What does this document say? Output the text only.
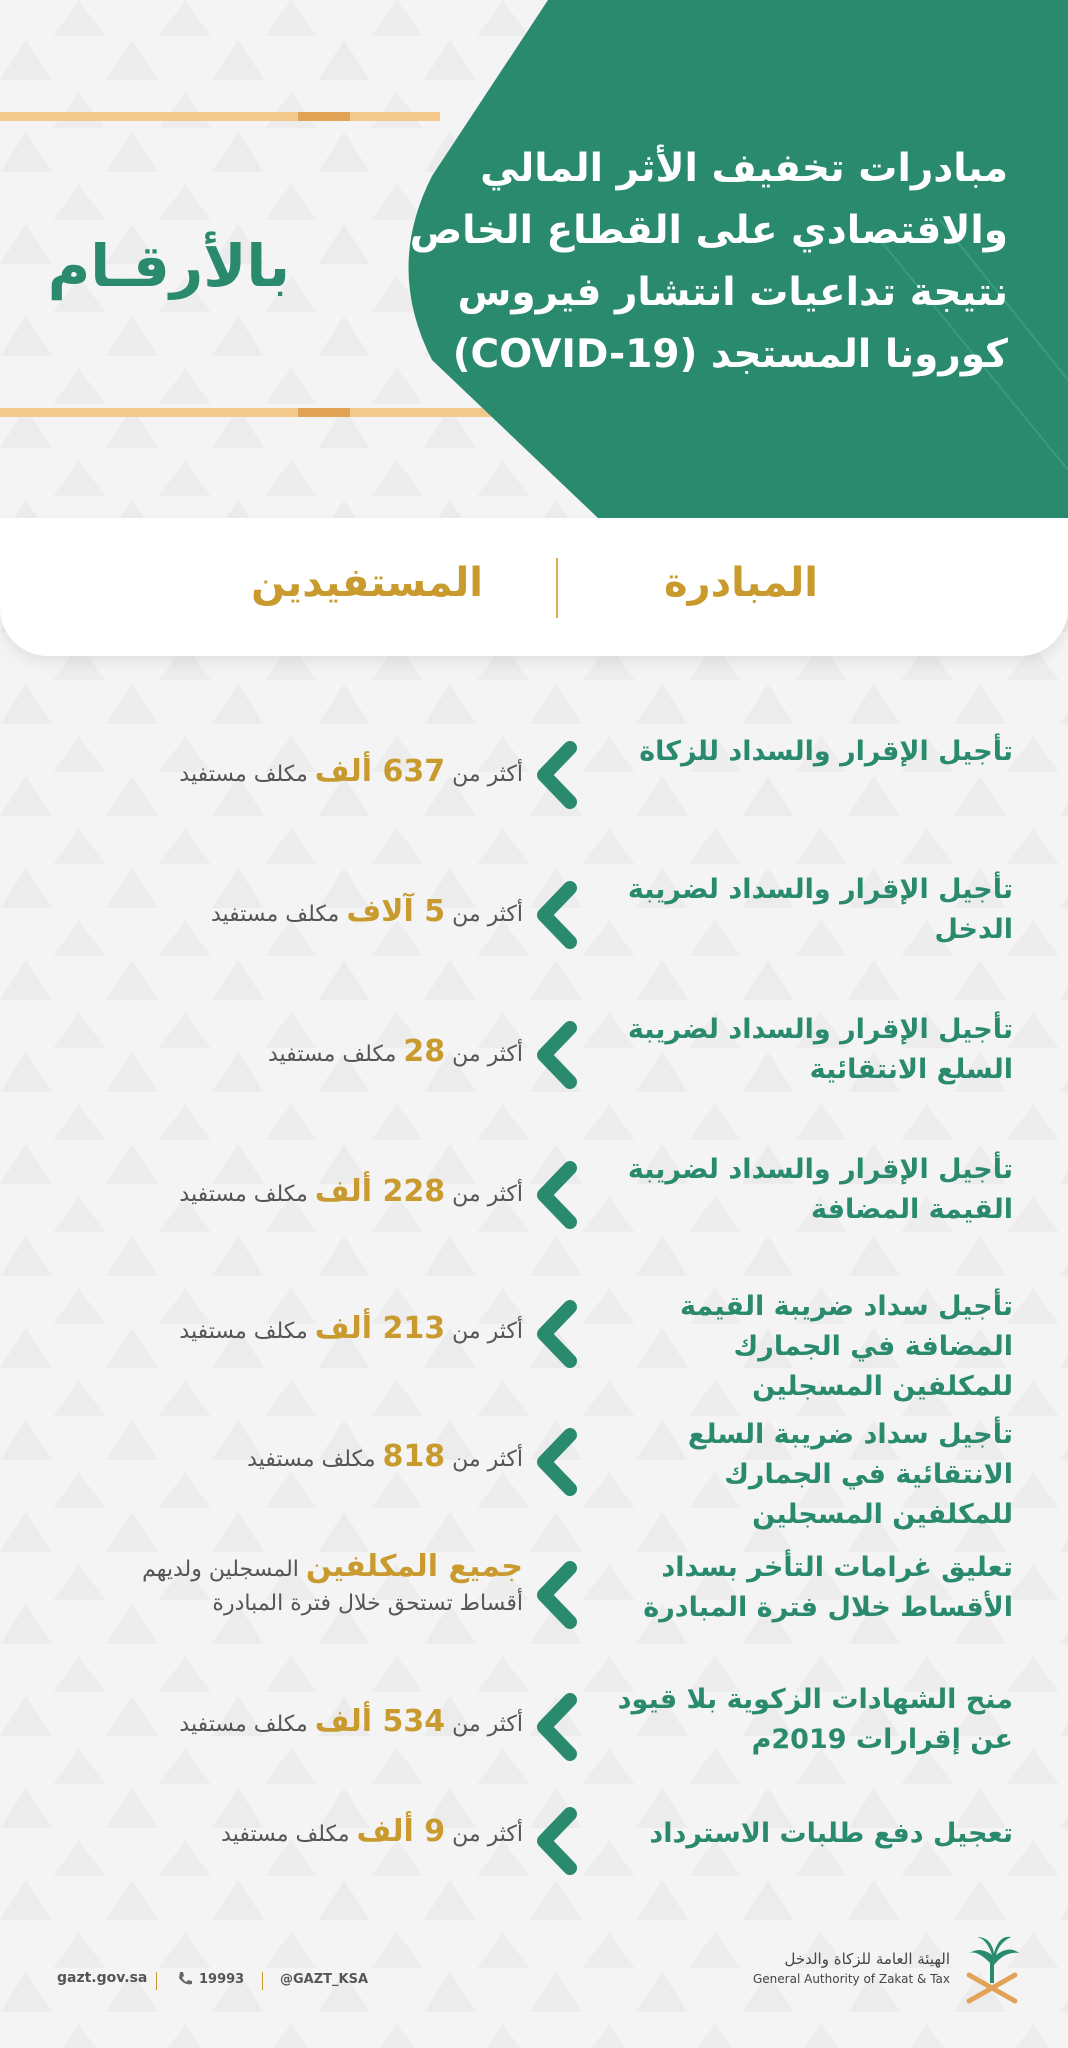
مبادرات تخفيف الأثر المالي والاقتصادي على القطاع الخاص نتيجة تداعيات انتشار فيروس كورونا المستجد (COVID-19)
بالأرقـام
المبادرة
المستفيدين
تأجيل الإقرار والسداد للزكاة
أكثر من 637 ألف مكلف مستفيد
تأجيل الإقرار والسداد لضريبة الدخل
أكثر من 5 آلاف مكلف مستفيد
تأجيل الإقرار والسداد لضريبة السلع الانتقائية
أكثر من 28 مكلف مستفيد
تأجيل الإقرار والسداد لضريبة القيمة المضافة
أكثر من 228 ألف مكلف مستفيد
تأجيل سداد ضريبة القيمة المضافة في الجمارك للمكلفين المسجلين
أكثر من 213 ألف مكلف مستفيد
تأجيل سداد ضريبة السلع الانتقائية في الجمارك للمكلفين المسجلين
أكثر من 818 مكلف مستفيد
تعليق غرامات التأخر بسداد الأقساط خلال فترة المبادرة
جميع المكلفين المسجلين ولديهم أقساط تستحق خلال فترة المبادرة
منح الشهادات الزكوية بلا قيود عن إقرارات 2019م
أكثر من 534 ألف مكلف مستفيد
تعجيل دفع طلبات الاسترداد
أكثر من 9 ألف مكلف مستفيد
gazt.gov.sa	19993	@GAZT_KSA
الهيئة العامة للزكاة والدخل
General Authority of Zakat & Tax
